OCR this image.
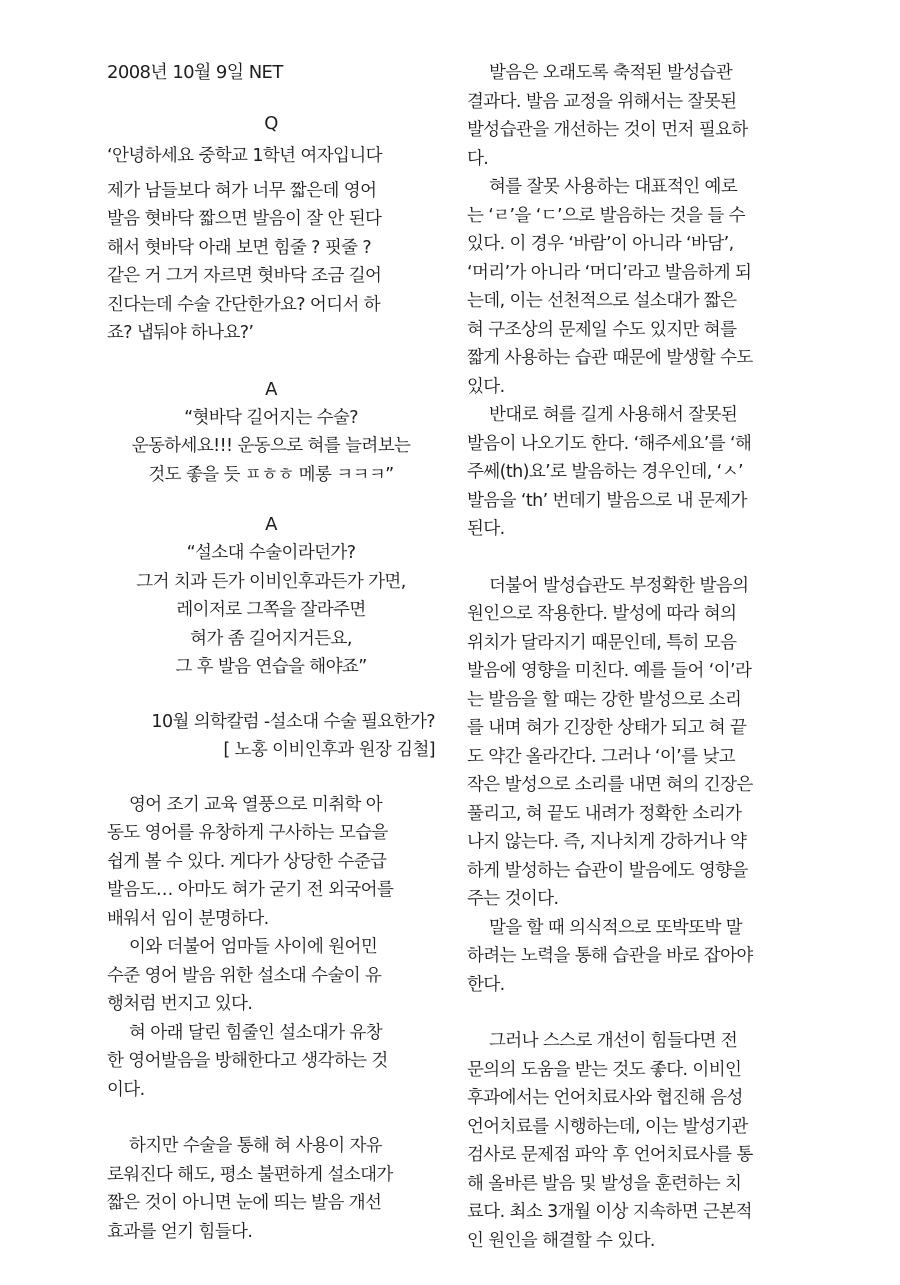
2008년 10월 9일 NET
Q
‘안녕하세요 중학교 1학년 여자입니다
제가 남들보다 혀가 너무 짧은데 영어
발음 혓바닥 짧으면 발음이 잘 안 된다
해서 혓바닥 아래 보면 힘줄 ? 핏줄 ?
같은 거 그거 자르면 혓바닥 조금 길어
진다는데 수술 간단한가요? 어디서 하
죠? 냅둬야 하나요?’
A
“혓바닥 길어지는 수술?
운동하세요!!! 운동으로 혀를 늘려보는
것도 좋을 듯 ㅍㅎㅎ 메롱 ㅋㅋㅋ”
A
“설소대 수술이라던가?
그거 치과 든가 이비인후과든가 가면,
레이저로 그쪽을 잘라주면
혀가 좀 길어지거든요,
그 후 발음 연습을 해야죠”
10월 의학칼럼 -설소대 수술 필요한가?
[ 노홍 이비인후과 원장 김철]
영어 조기 교육 열풍으로 미취학 아
동도 영어를 유창하게 구사하는 모습을
쉽게 볼 수 있다. 게다가 상당한 수준급
발음도… 아마도 혀가 굳기 전 외국어를
배워서 임이 분명하다.
이와 더불어 엄마들 사이에 원어민
수준 영어 발음 위한 설소대 수술이 유
행처럼 번지고 있다.
혀 아래 달린 힘줄인 설소대가 유창
한 영어발음을 방해한다고 생각하는 것
이다.
하지만 수술을 통해 혀 사용이 자유
로워진다 해도, 평소 불편하게 설소대가
짧은 것이 아니면 눈에 띄는 발음 개선
효과를 얻기 힘들다.
발음은 오래도록 축적된 발성습관
결과다. 발음 교정을 위해서는 잘못된
발성습관을 개선하는 것이 먼저 필요하
다.
혀를 잘못 사용하는 대표적인 예로
는 ‘ㄹ’을 ‘ㄷ’으로 발음하는 것을 들 수
있다. 이 경우 ‘바람’이 아니라 ‘바담’,
‘머리’가 아니라 ‘머디’라고 발음하게 되
는데, 이는 선천적으로 설소대가 짧은
혀 구조상의 문제일 수도 있지만 혀를
짧게 사용하는 습관 때문에 발생할 수도
있다.
반대로 혀를 길게 사용해서 잘못된
발음이 나오기도 한다. ‘해주세요’를 ‘해
주쎄(th)요’로 발음하는 경우인데, ‘ㅅ’
발음을 ‘th’ 번데기 발음으로 내 문제가
된다.
더불어 발성습관도 부정확한 발음의
원인으로 작용한다. 발성에 따라 혀의
위치가 달라지기 때문인데, 특히 모음
발음에 영향을 미친다. 예를 들어 ‘이’라
는 발음을 할 때는 강한 발성으로 소리
를 내며 혀가 긴장한 상태가 되고 혀 끝
도 약간 올라간다. 그러나 ‘이’를 낮고
작은 발성으로 소리를 내면 혀의 긴장은
풀리고, 혀 끝도 내려가 정확한 소리가
나지 않는다. 즉, 지나치게 강하거나 약
하게 발성하는 습관이 발음에도 영향을
주는 것이다.
말을 할 때 의식적으로 또박또박 말
하려는 노력을 통해 습관을 바로 잡아야
한다.
그러나 스스로 개선이 힘들다면 전
문의의 도움을 받는 것도 좋다. 이비인
후과에서는 언어치료사와 협진해 음성
언어치료를 시행하는데, 이는 발성기관
검사로 문제점 파악 후 언어치료사를 통
해 올바른 발음 및 발성을 훈련하는 치
료다. 최소 3개월 이상 지속하면 근본적
인 원인을 해결할 수 있다.
